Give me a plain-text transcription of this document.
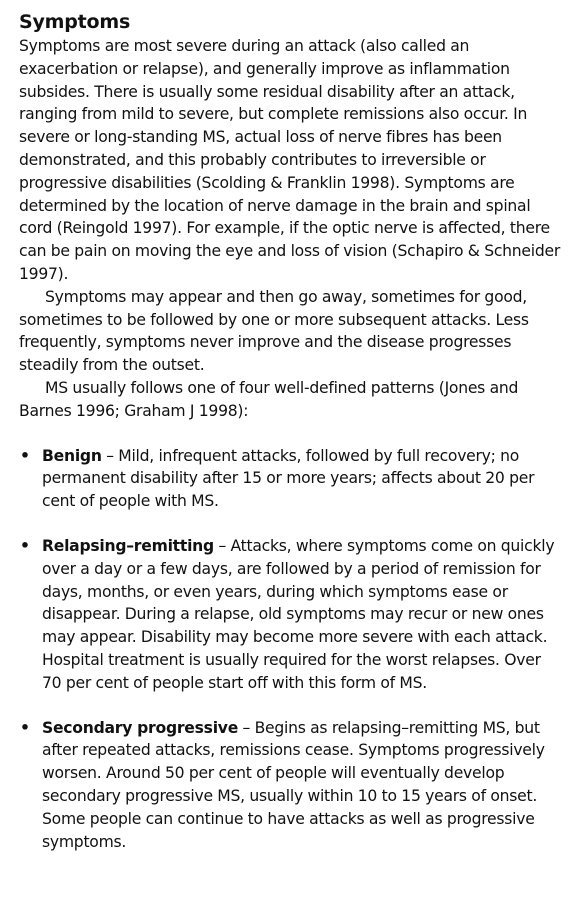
Symptoms

Symptoms are most severe during an attack (also called an exacerbation or relapse), and generally improve as inflammation subsides. There is usually some residual disability after an attack, ranging from mild to severe, but complete remissions also occur. In severe or long-standing MS, actual loss of nerve fibres has been demonstrated, and this probably contributes to irreversible or progressive disabilities (Scolding & Franklin 1998). Symptoms are determined by the location of nerve damage in the brain and spinal cord (Reingold 1997). For example, if the optic nerve is affected, there can be pain on moving the eye and loss of vision (Schapiro & Schneider 1997).

Symptoms may appear and then go away, sometimes for good, sometimes to be followed by one or more subsequent attacks. Less frequently, symptoms never improve and the disease progresses steadily from the outset.

MS usually follows one of four well-defined patterns (Jones and Barnes 1996; Graham J 1998):

• Benign – Mild, infrequent attacks, followed by full recovery; no permanent disability after 15 or more years; affects about 20 per cent of people with MS.
• Relapsing–remitting – Attacks, where symptoms come on quickly over a day or a few days, are followed by a period of remission for days, months, or even years, during which symptoms ease or disappear. During a relapse, old symptoms may recur or new ones may appear. Disability may become more severe with each attack. Hospital treatment is usually required for the worst relapses. Over 70 per cent of people start off with this form of MS.
• Secondary progressive – Begins as relapsing–remitting MS, but after repeated attacks, remissions cease. Symptoms progressively worsen. Around 50 per cent of people will eventually develop secondary progressive MS, usually within 10 to 15 years of onset. Some people can continue to have attacks as well as progressive symptoms.
